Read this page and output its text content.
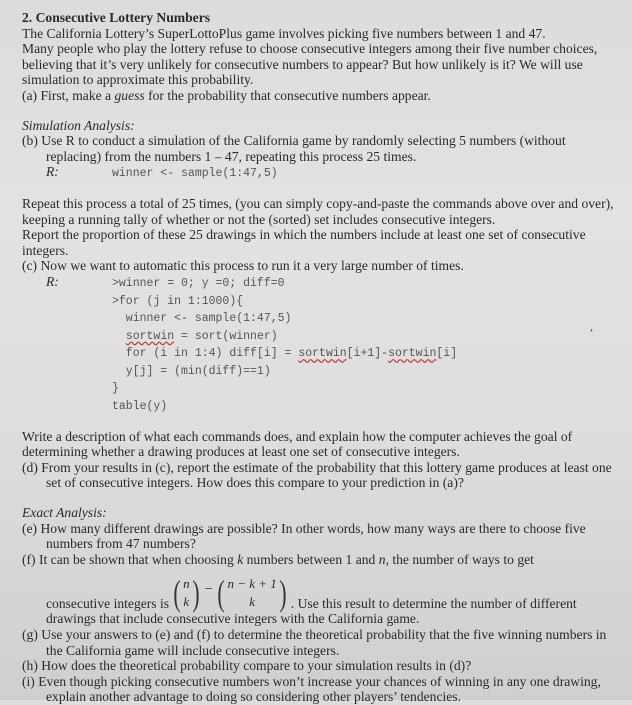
2. Consecutive Lottery Numbers

The California Lottery’s SuperLottoPlus game involves picking five numbers between 1 and 47.

Many people who play the lottery refuse to choose consecutive integers among their five number choices, believing that it’s very unlikely for consecutive numbers to appear? But how unlikely is it? We will use simulation to approximate this probability.

(a) First, make a guess for the probability that consecutive numbers appear.

Simulation Analysis:

(b) Use R to conduct a simulation of the California game by randomly selecting 5 numbers (without replacing) from the numbers 1 – 47, repeating this process 25 times.

R:	winner <- sample(1:47,5)

Repeat this process a total of 25 times, (you can simply copy-and-paste the commands above over and over), keeping a running tally of whether or not the (sorted) set includes consecutive integers.

Report the proportion of these 25 drawings in which the numbers include at least one set of consecutive integers.

(c) Now we want to automatic this process to run it a very large number of times.

R:	>winner = 0; y =0; diff=0
>for (j in 1:1000){
winner <- sample(1:47,5)
sortwin = sort(winner)
for (i in 1:4) diff[i] = sortwin[i+1]-sortwin[i]
y[j] = (min(diff)==1)
}
table(y)
,

Write a description of what each commands does, and explain how the computer achieves the goal of determining whether a drawing produces at least one set of consecutive integers.

(d) From your results in (c), report the estimate of the probability that this lottery game produces at least one set of consecutive integers. How does this compare to your prediction in (a)?

Exact Analysis:

(e) How many different drawings are possible? In other words, how many ways are there to choose five numbers from 47 numbers?

(f) It can be shown that when choosing k numbers between 1 and n, the number of ways to get

consecutive integers is ( n
k ) − ( n − k + 1
k ) . Use this result to determine the number of different

drawings that include consecutive integers with the California game.

(g) Use your answers to (e) and (f) to determine the theoretical probability that the five winning numbers in the California game will include consecutive integers.

(h) How does the theoretical probability compare to your simulation results in (d)?

(i) Even though picking consecutive numbers won’t increase your chances of winning in any one drawing, explain another advantage to doing so considering other players’ tendencies.
